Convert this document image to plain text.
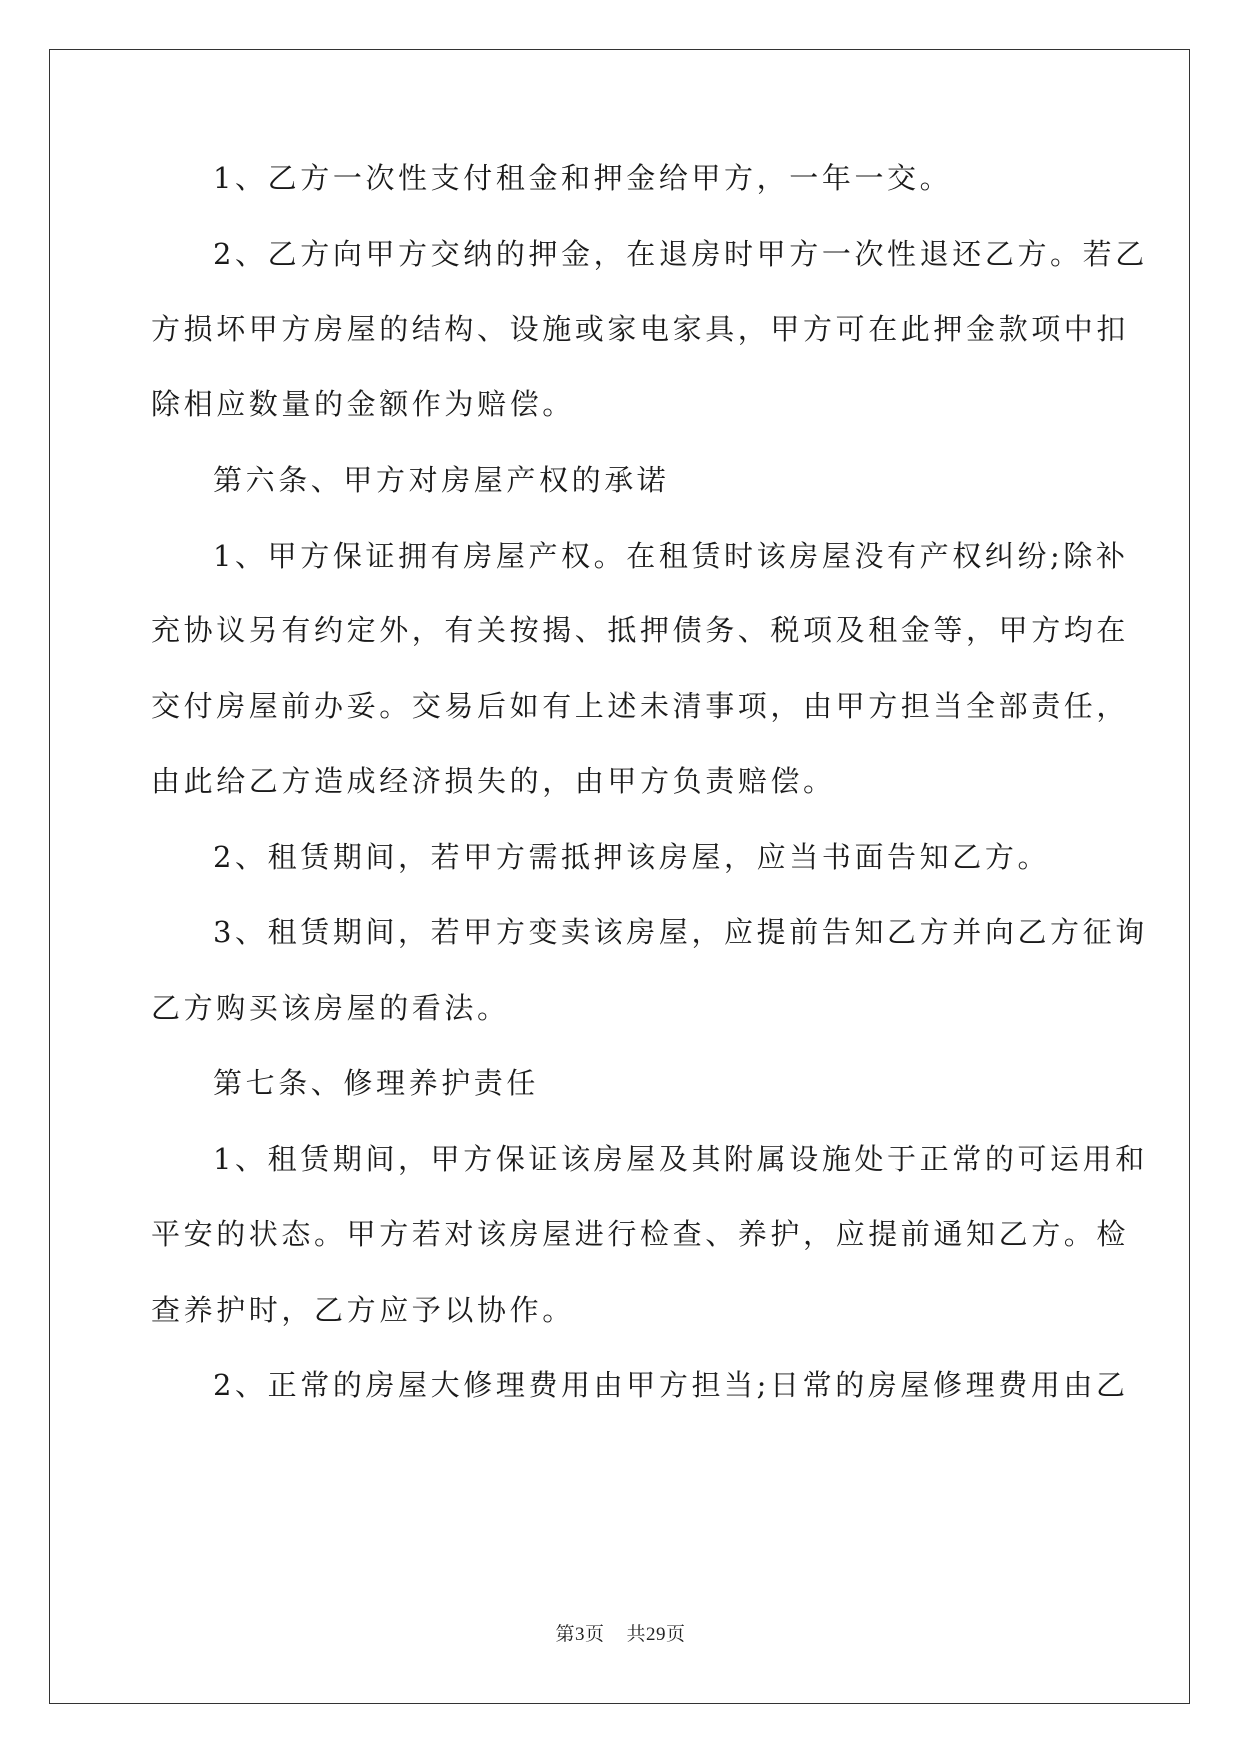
1、乙方一次性支付租金和押金给甲方，一年一交。
2、乙方向甲方交纳的押金，在退房时甲方一次性退还乙方。若乙
方损坏甲方房屋的结构、设施或家电家具，甲方可在此押金款项中扣
除相应数量的金额作为赔偿。
第六条、甲方对房屋产权的承诺
1、甲方保证拥有房屋产权。在租赁时该房屋没有产权纠纷;除补
充协议另有约定外，有关按揭、抵押债务、税项及租金等，甲方均在
交付房屋前办妥。交易后如有上述未清事项，由甲方担当全部责任，
由此给乙方造成经济损失的，由甲方负责赔偿。
2、租赁期间，若甲方需抵押该房屋，应当书面告知乙方。
3、租赁期间，若甲方变卖该房屋，应提前告知乙方并向乙方征询
乙方购买该房屋的看法。
第七条、修理养护责任
1、租赁期间，甲方保证该房屋及其附属设施处于正常的可运用和
平安的状态。甲方若对该房屋进行检查、养护，应提前通知乙方。检
查养护时，乙方应予以协作。
2、正常的房屋大修理费用由甲方担当;日常的房屋修理费用由乙
第3页 共29页
